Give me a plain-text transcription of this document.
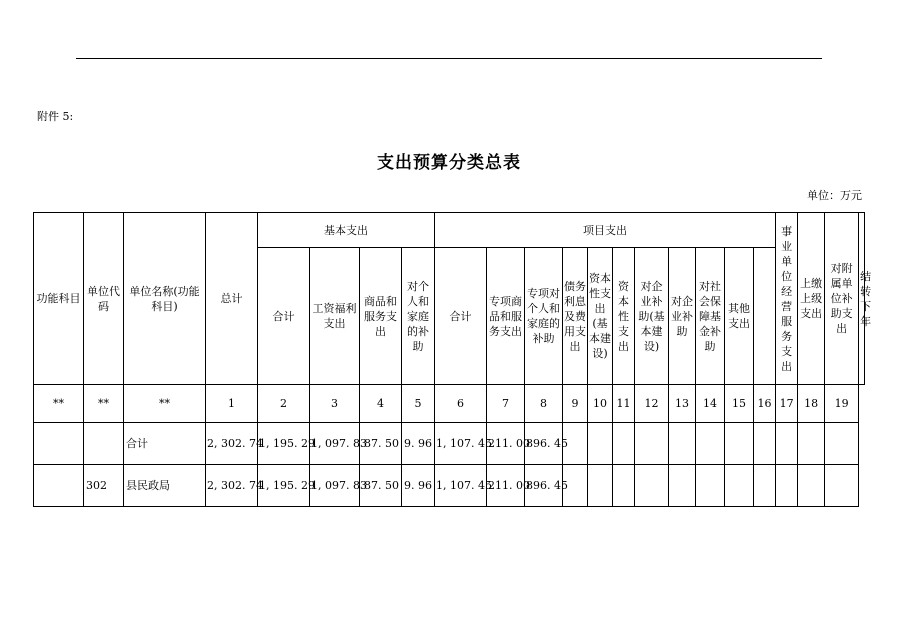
附件 5:
支出预算分类总表
单位：万元
功能科目	单位代码	单位名称(功能科目)	总计	基本支出				项目支出											事业单位经营服务支出	上缴上级支出	对附属单位补助支出	结转下年
				合计	工资福利支出	商品和服务支出	对个人和家庭的补助	合计	专项商品和服务支出	专项对个人和家庭的补助	债务利息及费用支出	资本性支出(基本建设)	资本性支出	对企业补助(基本建设)	对企业补助	对社会保障基金补助	其他支出					
**	**	**	1	2	3	4	5	6	7	8	9	10	11	12	13	14	15	16	17	18	19	
		合计	2, 302. 74	1, 195. 29	1, 097. 83	87. 50	9. 96	1, 107. 45	211. 00	896. 45												
	302	县民政局	2, 302. 74	1, 195. 29	1, 097. 83	87. 50	9. 96	1, 107. 45	211. 00	896. 45												
